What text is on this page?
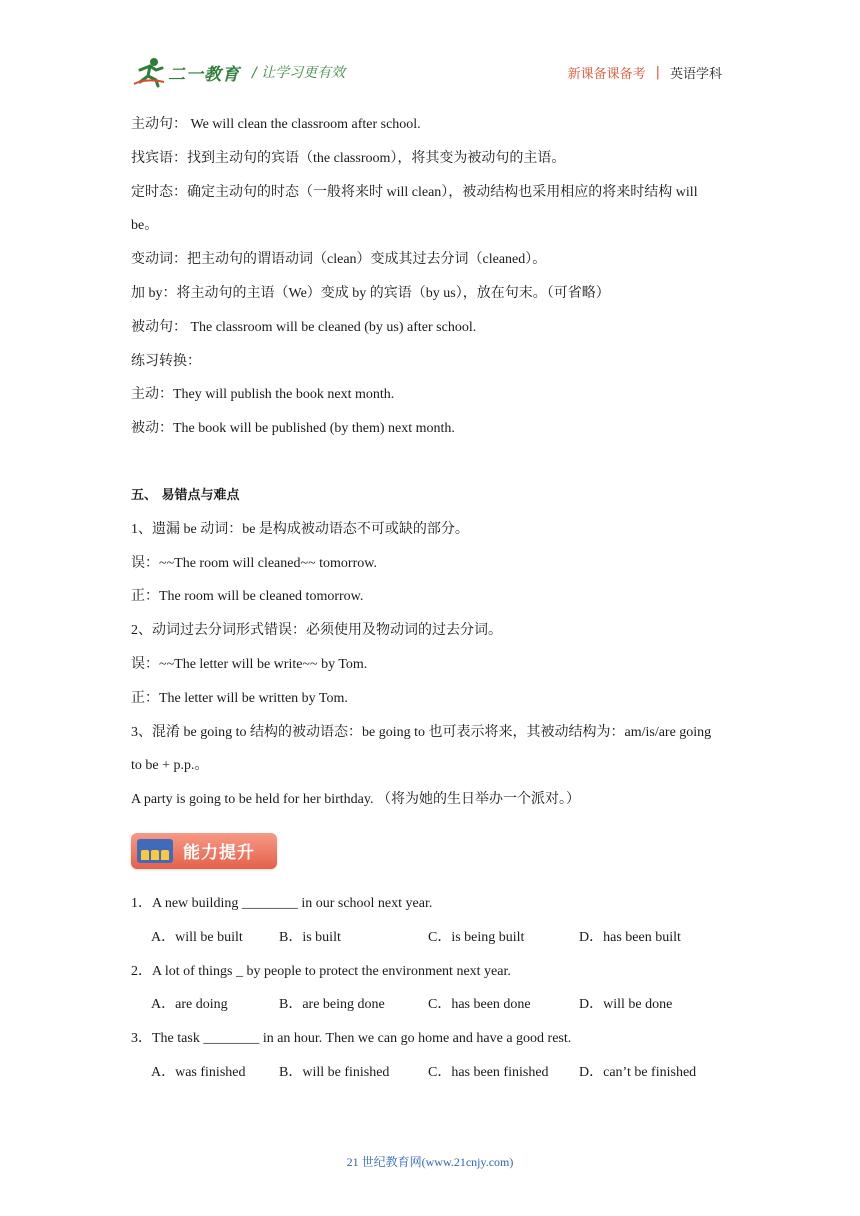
二一教育 / 让学习更有效	新课备课备考 | 英语学科
主动句： We will clean the classroom after school.
找宾语：找到主动句的宾语（the classroom），将其变为被动句的主语。
定时态：确定主动句的时态（一般将来时 will clean），被动结构也采用相应的将来时结构 will
be。
变动词：把主动句的谓语动词（clean）变成其过去分词（cleaned）。
加 by：将主动句的主语（We）变成 by 的宾语（by us），放在句末。（可省略）
被动句： The classroom will be cleaned (by us) after school.
练习转换：
主动：They will publish the book next month.
被动：The book will be published (by them) next month.
五、 易错点与难点
1、遗漏 be 动词：be 是构成被动语态不可或缺的部分。
误：~~The room will cleaned~~ tomorrow.
正：The room will be cleaned tomorrow.
2、动词过去分词形式错误：必须使用及物动词的过去分词。
误：~~The letter will be write~~ by Tom.
正：The letter will be written by Tom.
3、混淆 be going to 结构的被动语态：be going to 也可表示将来，其被动结构为：am/is/are going
to be + p.p.。
A party is going to be held for her birthday. （将为她的生日举办一个派对。）
能力提升
1．A new building ________ in our school next year.
A．will be built	B．is built	C．is being built	D．has been built
2．A lot of things _ by people to protect the environment next year.
A．are doing	B．are being done	C．has been done	D．will be done
3．The task ________ in an hour. Then we can go home and have a good rest.
A．was finished B．will be finished	C．has been finished D．can’t be finished
21 世纪教育网(www.21cnjy.com)
